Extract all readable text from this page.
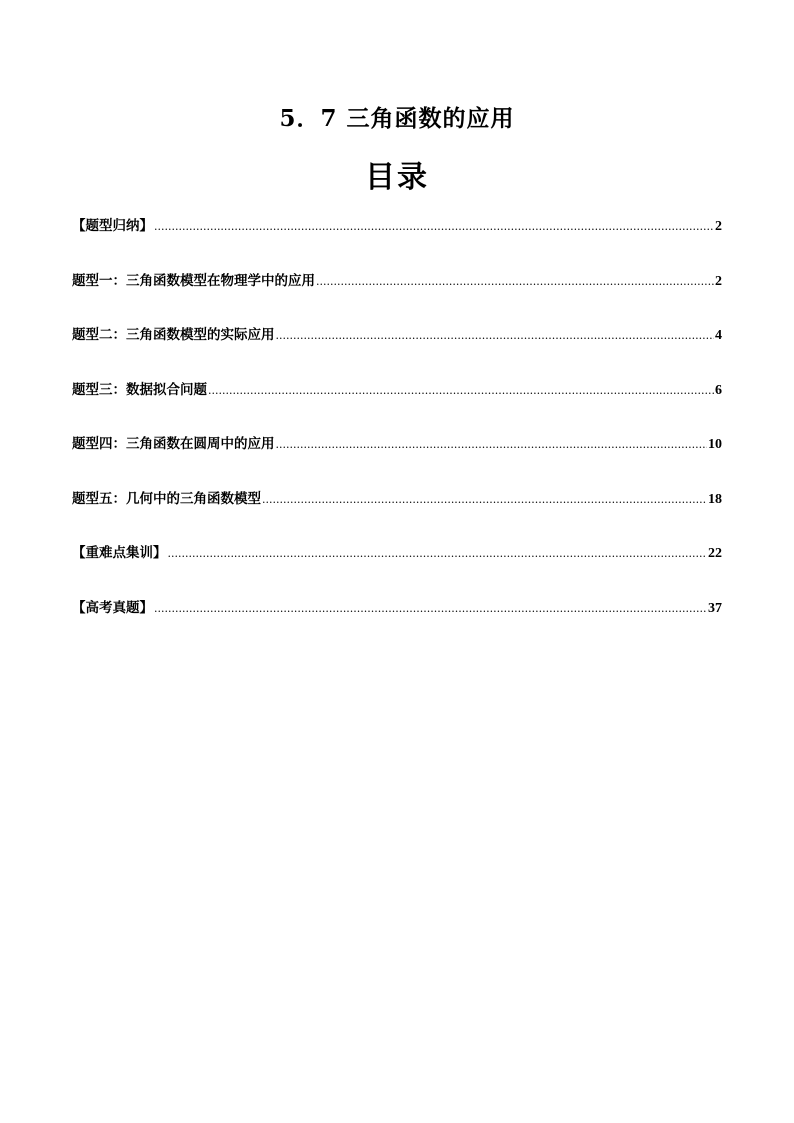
5．7 三角函数的应用
目录
【题型归纳】 .....	2
题型一：三角函数模型在物理学中的应用 .....	2
题型二：三角函数模型的实际应用 .....	4
题型三：数据拟合问题 .....	6
题型四：三角函数在圆周中的应用 .....	10
题型五：几何中的三角函数模型 .....	18
【重难点集训】 .....	22
【高考真题】 .....	37
